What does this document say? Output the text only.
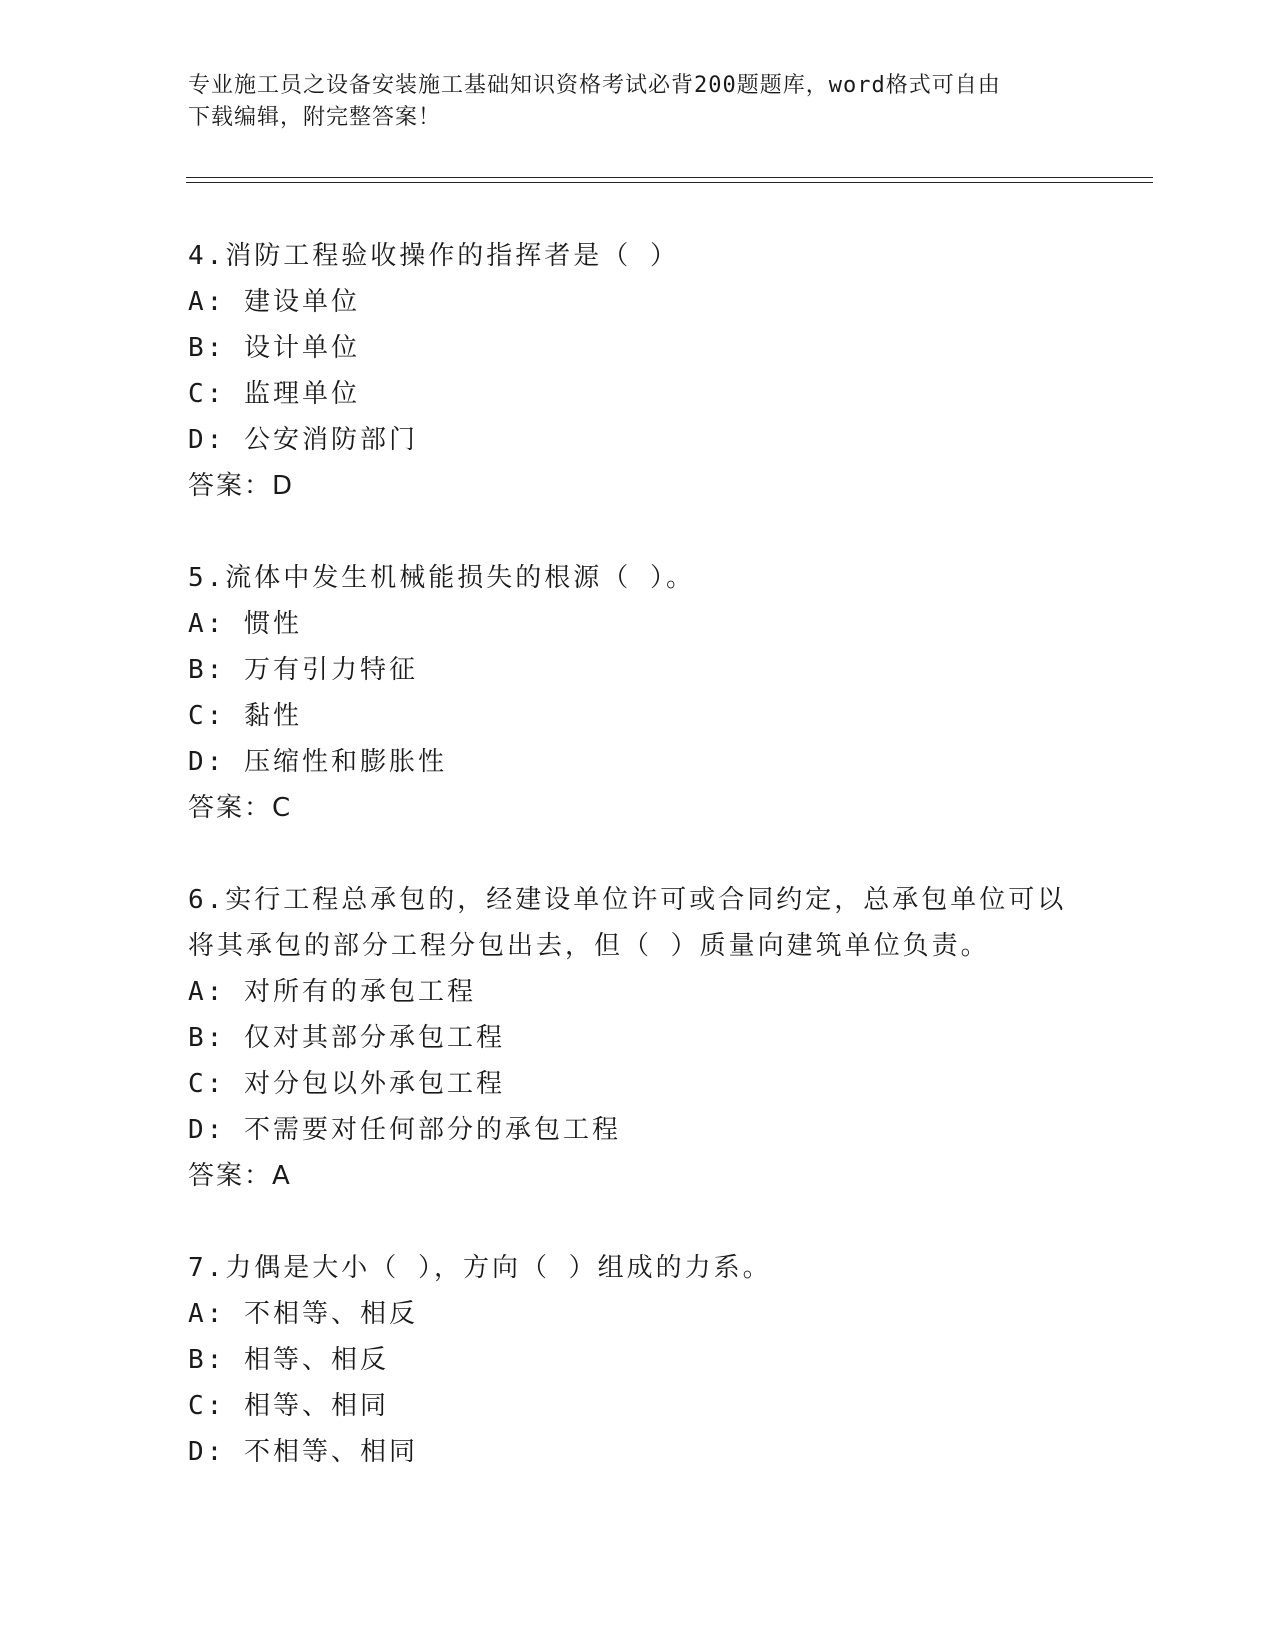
专业施工员之设备安装施工基础知识资格考试必背200题题库，word格式可自由
下载编辑，附完整答案！
4.消防工程验收操作的指挥者是（ ）
A: 建设单位
B: 设计单位
C: 监理单位
D: 公安消防部门
答案：D
5.流体中发生机械能损失的根源（ ）。
A: 惯性
B: 万有引力特征
C: 黏性
D: 压缩性和膨胀性
答案：C
6.实行工程总承包的，经建设单位许可或合同约定，总承包单位可以将其承包的部分工程分包出去，但（ ）质量向建筑单位负责。
A: 对所有的承包工程
B: 仅对其部分承包工程
C: 对分包以外承包工程
D: 不需要对任何部分的承包工程
答案：A
7.力偶是大小（ ），方向（ ）组成的力系。
A: 不相等、相反
B: 相等、相反
C: 相等、相同
D: 不相等、相同
